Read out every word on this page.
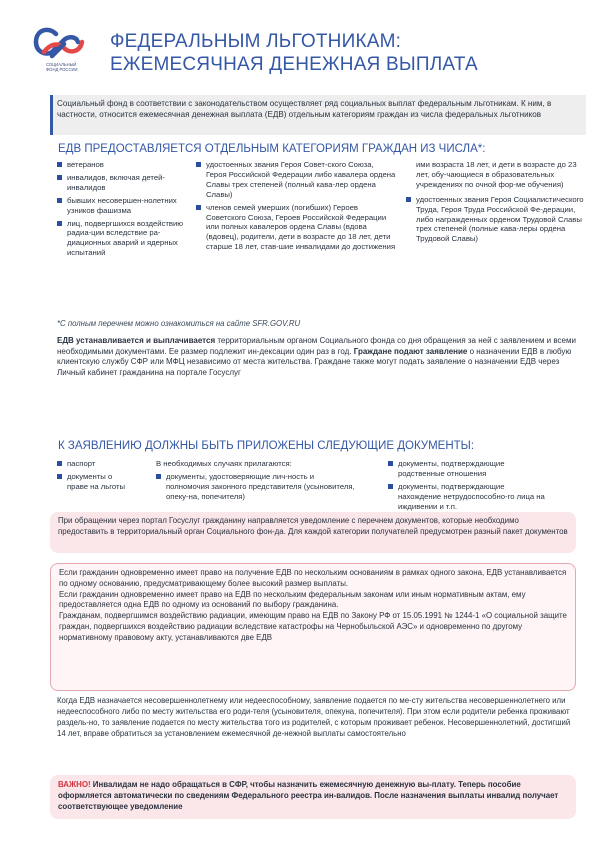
СОЦИАЛЬНЫЙ
ФОНД РОССИИ
ФЕДЕРАЛЬНЫМ ЛЬГОТНИКАМ:
ЕЖЕМЕСЯЧНАЯ ДЕНЕЖНАЯ ВЫПЛАТА
Социальный фонд в соответствии с законодательством осуществляет ряд социальных выплат федеральным льготникам. К ним, в частности, относится ежемесячная денежная выплата (ЕДВ) отдельным категориям граждан из числа федеральных льготников
ЕДВ ПРЕДОСТАВЛЯЕТСЯ ОТДЕЛЬНЫМ КАТЕГОРИЯМ ГРАЖДАН ИЗ ЧИСЛА*:
ветеранов
инвалидов, включая детей-инвалидов
бывших несовершен-нолетних узников фашизма
лиц, подвергшихся воздействию радиа-ции вследствие ра-диационных аварий и ядерных испытаний
удостоенных звания Героя Совет-ского Союза, Героя Российской Федерации либо кавалера ордена Славы трех степеней (полный кава-лер ордена Славы)
членов семей умерших (погибших) Героев Советского Союза, Героев Российской Федерации или полных кавалеров ордена Славы (вдова (вдовец), родители, дети в возрасте до 18 лет, дети старше 18 лет, став-шие инвалидами до достижения
ими возраста 18 лет, и дети в возрасте до 23 лет, обу-чающиеся в образовательных учреждениях по очной фор-ме обучения)
удостоенных звания Героя Социалистического Труда, Героя Труда Российской Фе-дерации, либо награжденных орденом Трудовой Славы трех степеней (полные кава-леры ордена Трудовой Славы)
*С полным перечнем можно ознакомиться на сайте SFR.GOV.RU
ЕДВ устанавливается и выплачивается территориальным органом Социального фонда со дня обращения за ней с заявлением и всеми необходимыми документами. Ее размер подлежит ин-дексации один раз в год. Граждане подают заявление о назначении ЕДВ в любую клиентскую службу СФР или МФЦ независимо от места жительства. Граждане также могут подать заявление о назначении ЕДВ через Личный кабинет гражданина на портале Госуслуг
К ЗАЯВЛЕНИЮ ДОЛЖНЫ БЫТЬ ПРИЛОЖЕНЫ СЛЕДУЮЩИЕ ДОКУМЕНТЫ:
паспорт
документы о праве на льготы
В необходимых случаях прилагаются:
документы, удостоверяющие лич-ность и полномочия законного представителя (усыновителя, опеку-на, попечителя)
документы, подтверждающие родственные отношения
документы, подтверждающие нахождение нетрудоспособно-го лица на иждивении и т.п.
При обращении через портал Госуслуг гражданину направляется уведомление с перечнем документов, которые необходимо предоставить в территориальный орган Социального фон-да. Для каждой категории получателей предусмотрен разный пакет документов
Если гражданин одновременно имеет право на получение ЕДВ по нескольким основаниям в рамках одного закона, ЕДВ устанавливается по одному основанию, предусматривающему более высокий размер выплаты.
Если гражданин одновременно имеет право на ЕДВ по нескольким федеральным законам или иным нормативным актам, ему предоставляется одна ЕДВ по одному из оснований по выбору гражданина.
Гражданам, подвергшимся воздействию радиации, имеющим право на ЕДВ по Закону РФ от 15.05.1991 № 1244-1 «О социальной защите граждан, подвергшихся воздействию радиации вследствие катастрофы на Чернобыльской АЭС» и одновременно по другому нормативному правовому акту, устанавливаются две ЕДВ
Когда ЕДВ назначается несовершеннолетнему или недееспособному, заявление подается по ме-сту жительства несовершеннолетнего или недееспособного либо по месту жительства его роди-теля (усыновителя, опекуна, попечителя). При этом если родители ребенка проживают раздель-но, то заявление подается по месту жительства того из родителей, с которым проживает ребенок. Несовершеннолетний, достигший 14 лет, вправе обратиться за установлением ежемесячной де-нежной выплаты самостоятельно
ВАЖНО! Инвалидам не надо обращаться в СФР, чтобы назначить ежемесячную денежную вы-плату. Теперь пособие оформляется автоматически по сведениям Федерального реестра ин-валидов. После назначения выплаты инвалид получает соответствующее уведомление
